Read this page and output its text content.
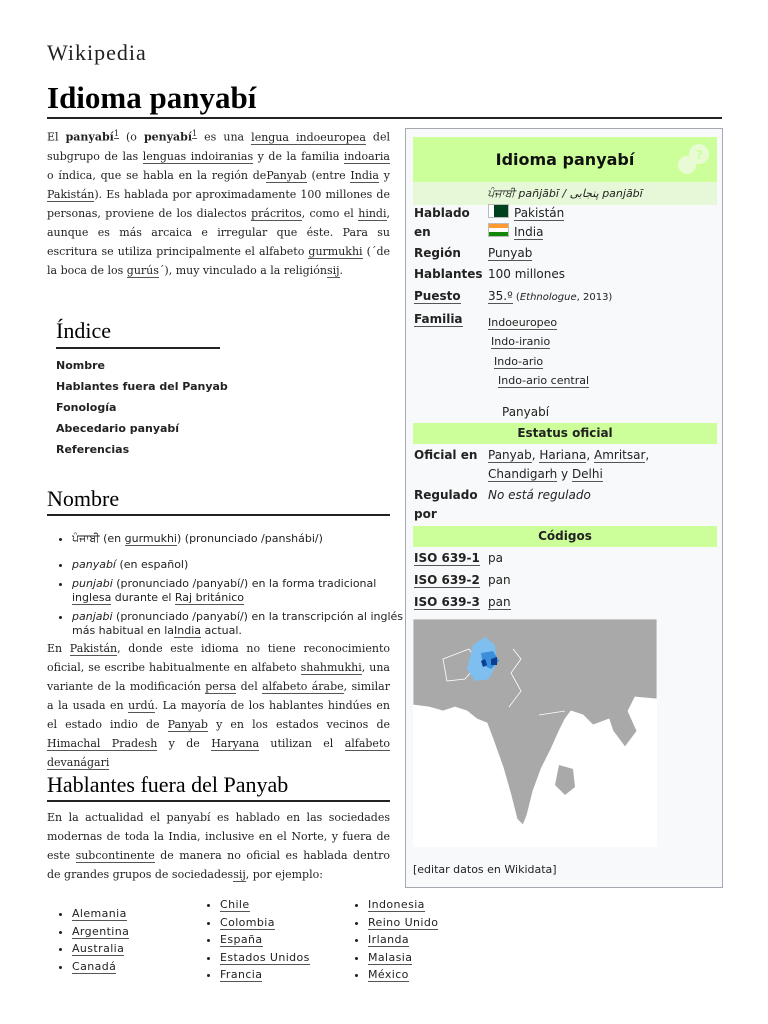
Wikipedia
Idioma panyabí
El panyabí$^1$ (o penyabí$^1$ es una lengua indoeuropea del subgrupo de las lenguas indoiranias y de la familia indoaria o índica, que se habla en la región dePanyab (entre India y Pakistán). Es hablada por aproximadamente 100 millones de personas, proviene de los dialectos prácritos, como el hindi, aunque es más arcaica e irregular que éste. Para su escritura se utiliza principalmente el alfabeto gurmukhi (´de la boca de los gurús´), muy vinculado a la religiónsij.
Índice
Nombre
Hablantes fuera del Panyab
Fonología
Abecedario panyabí
Referencias
Nombre
• ਪੰਜਾਬੀ (en gurmukhi) (pronunciado /panshábi/)
• panyabí (en español)
• punjabi (pronunciado /panyabí/) en la forma tradicional inglesa durante el Raj británico
• panjabi (pronunciado /panyabí/) en la transcripción al inglés más habitual en laIndia actual.

En Pakistán, donde este idioma no tiene reconocimiento oficial, se escribe habitualmente en alfabeto shahmukhi, una variante de la modificación persa del alfabeto árabe, similar a la usada en urdú. La mayoría de los hablantes hindúes en el estado indio de Panyab y en los estados vecinos de Himachal Pradesh y de Haryana utilizan el alfabeto devanágari

Hablantes fuera del Panyab

En la actualidad el panyabí es hablado en las sociedades modernas de toda la India, inclusive en el Norte, y fuera de este subcontinente de manera no oficial es hablada dentro de grandes grupos de sociedadessij, por ejemplo:

• Alemania
• Argentina
• Australia
• Canadá
• Chile
• Colombia
• España
• Estados Unidos
• Francia
• Indonesia
• Reino Unido
• Irlanda
• Malasia
• México
Idioma panyabí	?
ਪੰਜਾਬੀ pañjābī / پنجابی panjābī
Hablado
en
Pakistán
India
Región Punyab
Hablantes 100 millones
Puesto 35.º (Ethnologue, 2013)
Familia Indoeuropeo
Indo-iranio
Indo-ario
Indo-ario central
Panyabí
Estatus oficial
Oficial en Panyab, Hariana, Amritsar, Chandigarh y Delhi
Regulado
por
No está regulado
Códigos
ISO 639-1 pa
ISO 639-2 pan
ISO 639-3 pan
·:·
[editar datos en Wikidata]
